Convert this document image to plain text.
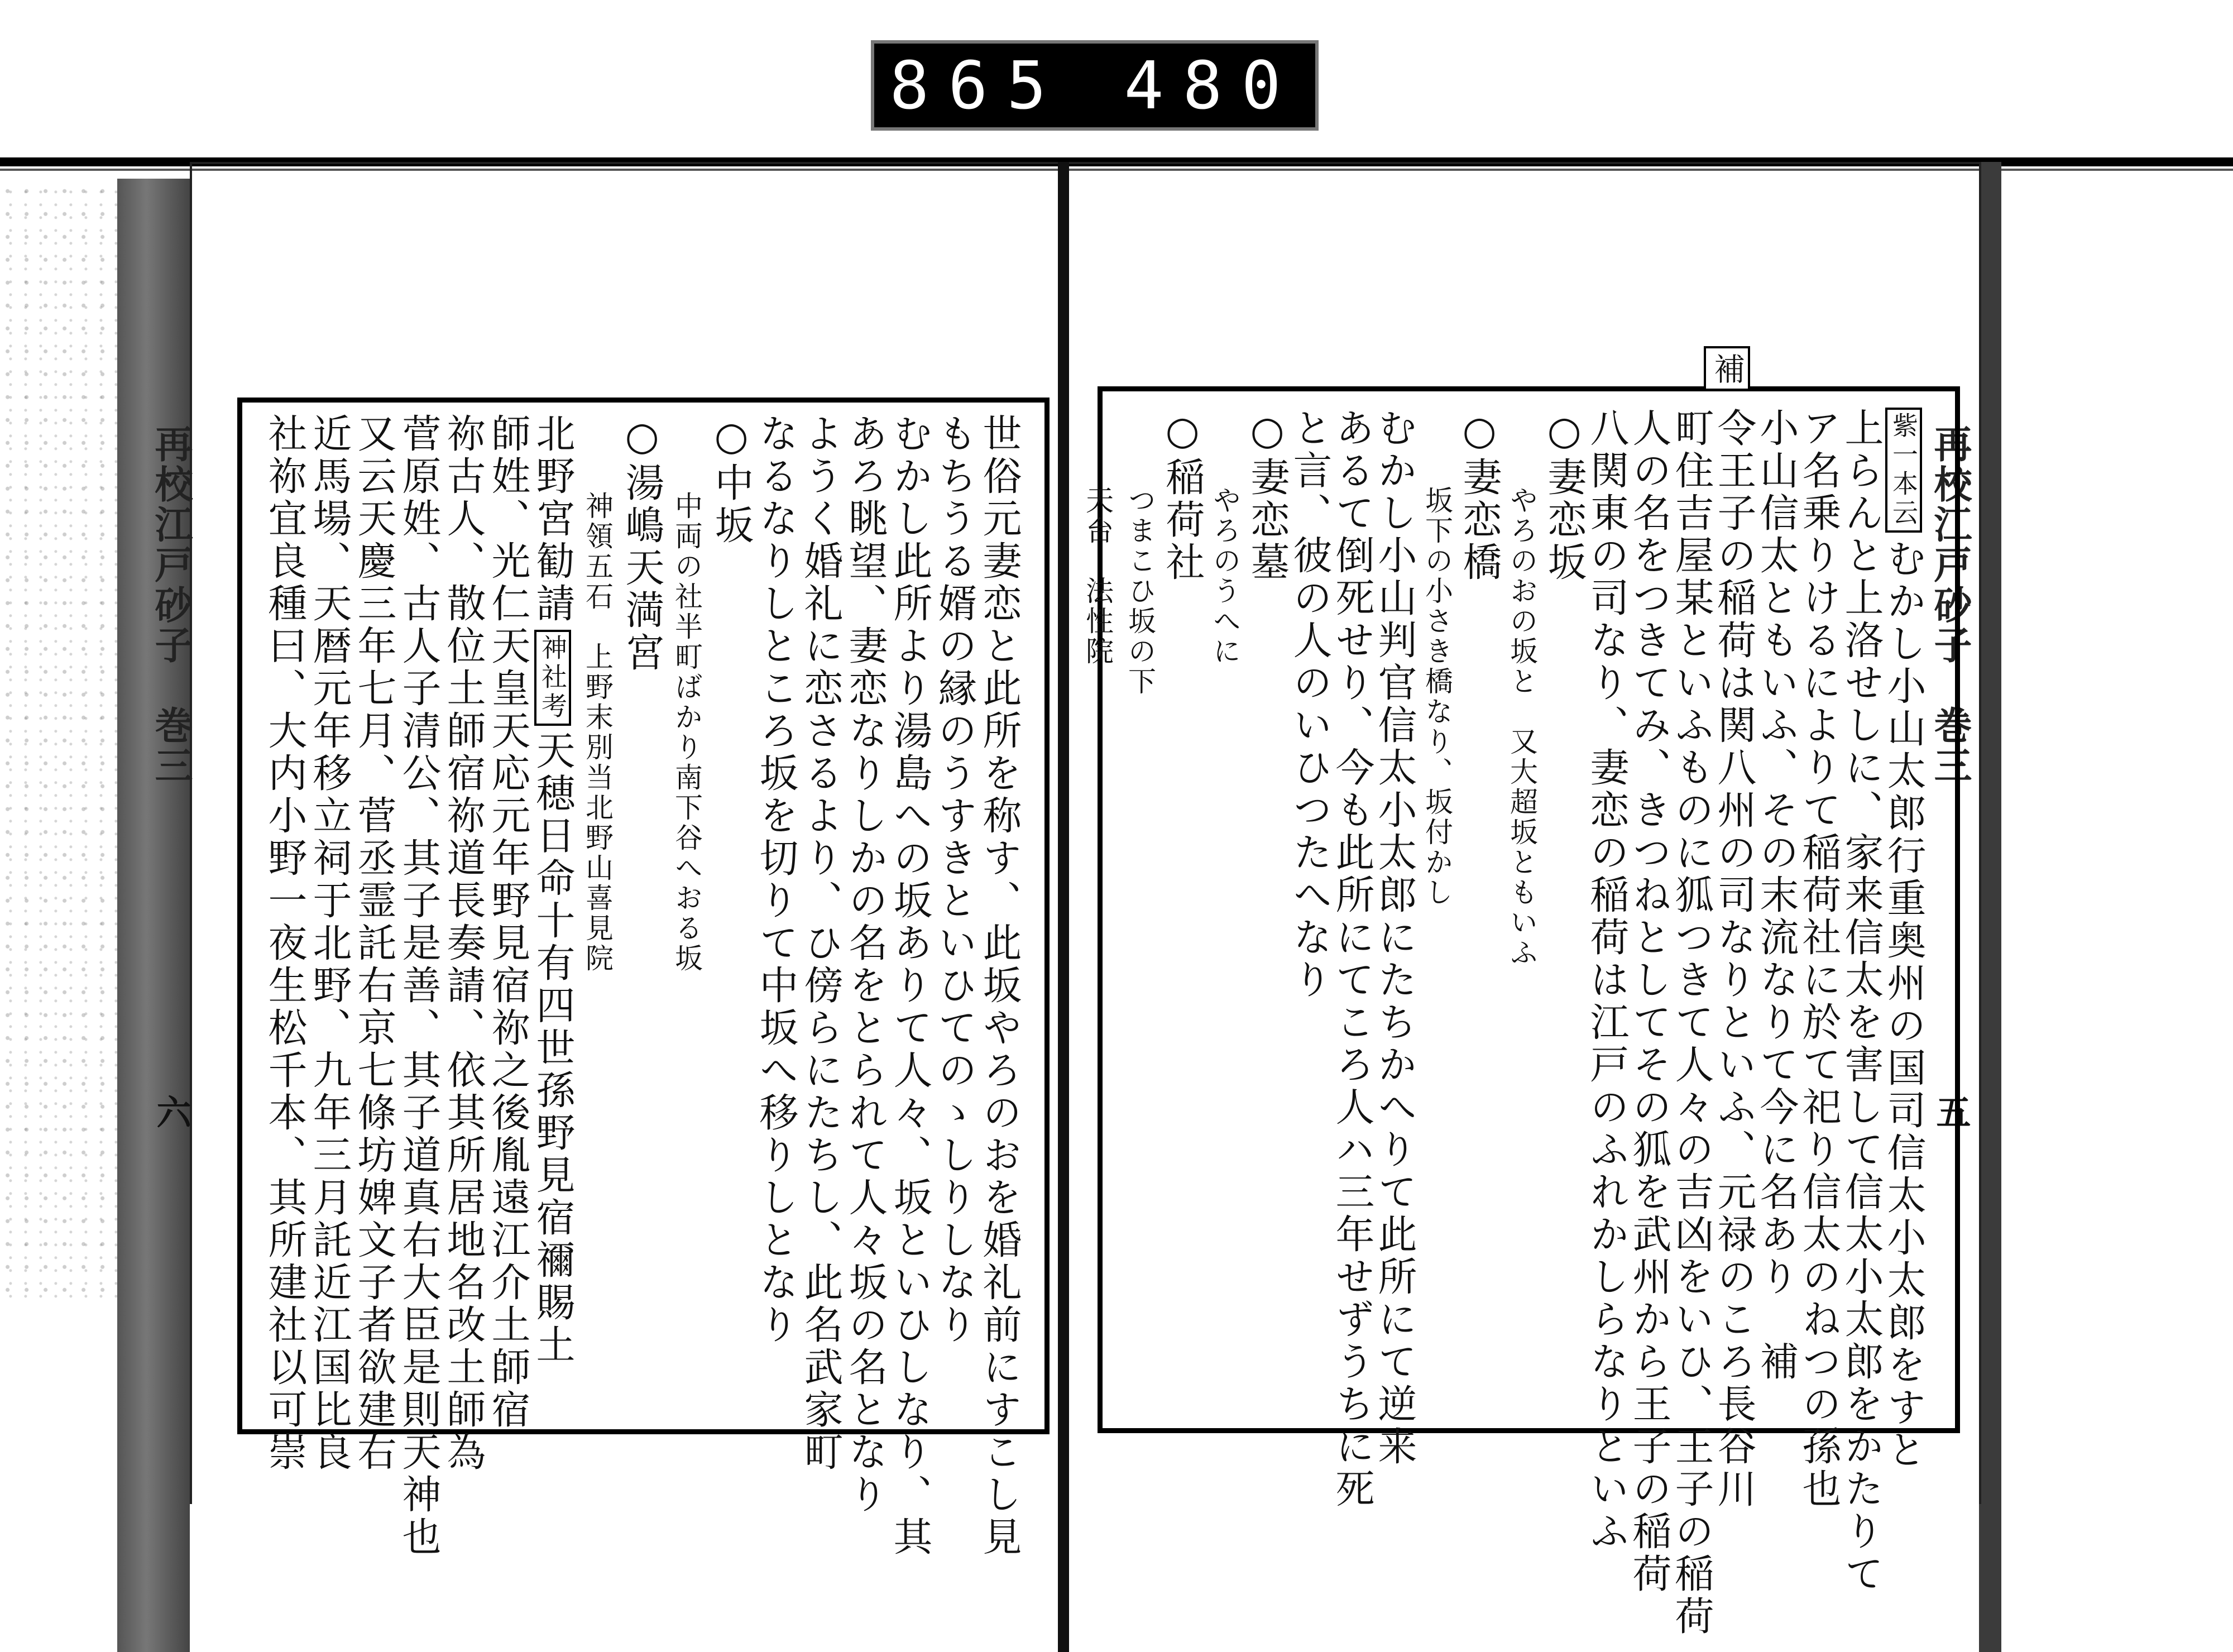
865 480
再校江戸砂子　巻三
六
再校江戸砂子　巻三
五
補
紫一本云むかし小山太郎行重奥州の国司信太小太郎をすと
上らんと上洛せしに、家来信太を害して信太小太郎をかたりて
ア名乗りけるによりて稲荷社に於て祀り信太のねつの孫也
小山信太ともいふ、その末流なりて今に名あり　補
令王子の稲荷は関八州の司なりといふ、元禄のころ長谷川
町住吉屋某といふものに狐つきて人々の吉凶をいひ、王子の稲荷
人の名をつきてみ、きつねとしてその狐を武州から王子の稲荷
八関東の司なり、妻恋の稲荷は江戸のふれかしらなりといふ
○妻恋坂
やろのおの坂と　又大超坂ともいふ
○妻恋橋
坂下の小さき橋なり、坂付かし
むかし小山判官信太小太郎にたちかへりて此所にて逆来
あるて倒死せり、今も此所にてころ人ハ三年せずうちに死
と言、彼の人のいひつたへなり
○妻恋墓
やろのうへに
○稲荷社
つまこひ坂の下
天台　法性院
世俗元妻恋と此所を称す、此坂やろのおを婚礼前にすこし見
もちうる婿の縁のうすきといひてのゝしりしなり
むかし此所より湯島への坂ありて人々、坂といひしなり、其
あろ眺望、妻恋なりしかの名をとられて人々坂の名となり
ようく婚礼に恋さるより、ひ傍らにたちし、此名武家町
なるなりしところ坂を切りて中坂へ移りしとなり
○中坂
中両の社半町ばかり南下谷へおる坂
○湯嶋天満宮
神領五石　上野末別当北野山喜見院
北野宮勧請神社考天穂日命十有四世孫野見宿禰賜土
師姓、光仁天皇天応元年野見宿祢之後胤遠江介土師宿
祢古人、散位土師宿祢道長奏請、依其所居地名改土師為
菅原姓、古人子清公、其子是善、其子道真右大臣是則天神也
又云天慶三年七月、菅丞霊託右京七條坊婢文子者欲建右
近馬場、天暦元年移立祠于北野、九年三月託近江国比良
社祢宜良種曰、大内小野一夜生松千本、其所建社以可崇
